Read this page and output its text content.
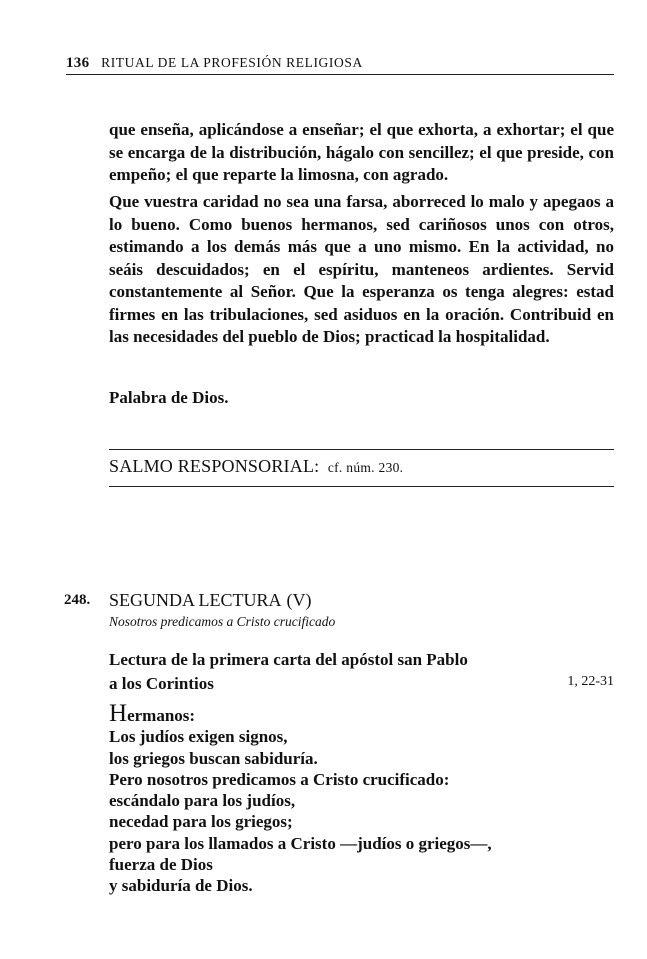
136 RITUAL DE LA PROFESIÓN RELIGIOSA

que enseña, aplicándose a enseñar; el que exhorta, a exhortar; el que se encarga de la distribución, hágalo con sencillez; el que preside, con empeño; el que reparte la limosna, con agrado.

Que vuestra caridad no sea una farsa, aborreced lo malo y apegaos a lo bueno. Como buenos hermanos, sed cariñosos unos con otros, estimando a los demás más que a uno mismo. En la actividad, no seáis descuidados; en el espíritu, manteneos ardientes. Servid constantemente al Señor. Que la esperanza os tenga alegres: estad firmes en las tribulaciones, sed asiduos en la oración. Contribuid en las necesidades del pueblo de Dios; practicad la hospitalidad.

Palabra de Dios.

SALMO RESPONSORIAL: cf. núm. 230.
248. SEGUNDA LECTURA (V)
Nosotros predicamos a Cristo crucificado
Lectura de la primera carta del apóstol san Pablo
a los Corintios	1, 22-31
Hermanos:
Los judíos exigen signos,
los griegos buscan sabiduría.
Pero nosotros predicamos a Cristo crucificado:
escándalo para los judíos,
necedad para los griegos;
pero para los llamados a Cristo —judíos o griegos—,
fuerza de Dios
y sabiduría de Dios.
